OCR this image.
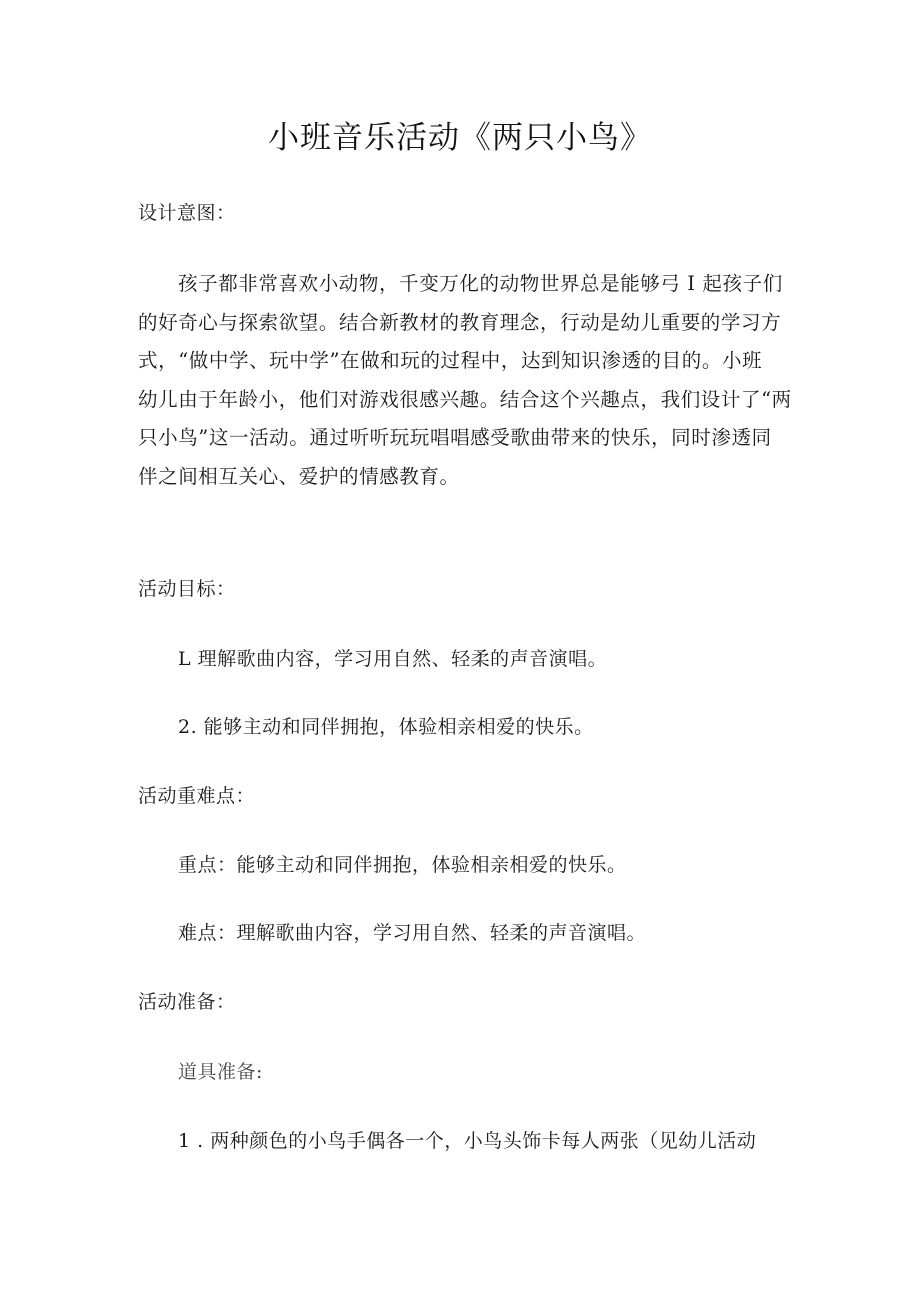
小班音乐活动《两只小鸟》
设计意图：
孩子都非常喜欢小动物，千变万化的动物世界总是能够弓 I 起孩子们
的好奇心与探索欲望。结合新教材的教育理念，行动是幼儿重要的学习方
式，“做中学、玩中学”在做和玩的过程中，达到知识渗透的目的。小班
幼儿由于年龄小，他们对游戏很感兴趣。结合这个兴趣点，我们设计了“两
只小鸟”这一活动。通过听听玩玩唱唱感受歌曲带来的快乐，同时渗透同
伴之间相互关心、爱护的情感教育。
活动目标：
L 理解歌曲内容，学习用自然、轻柔的声音演唱。
2. 能够主动和同伴拥抱，体验相亲相爱的快乐。
活动重难点：
重点：能够主动和同伴拥抱，体验相亲相爱的快乐。
难点：理解歌曲内容，学习用自然、轻柔的声音演唱。
活动准备：
道具准备:
1 . 两种颜色的小鸟手偶各一个，小鸟头饰卡每人两张（见幼儿活动
